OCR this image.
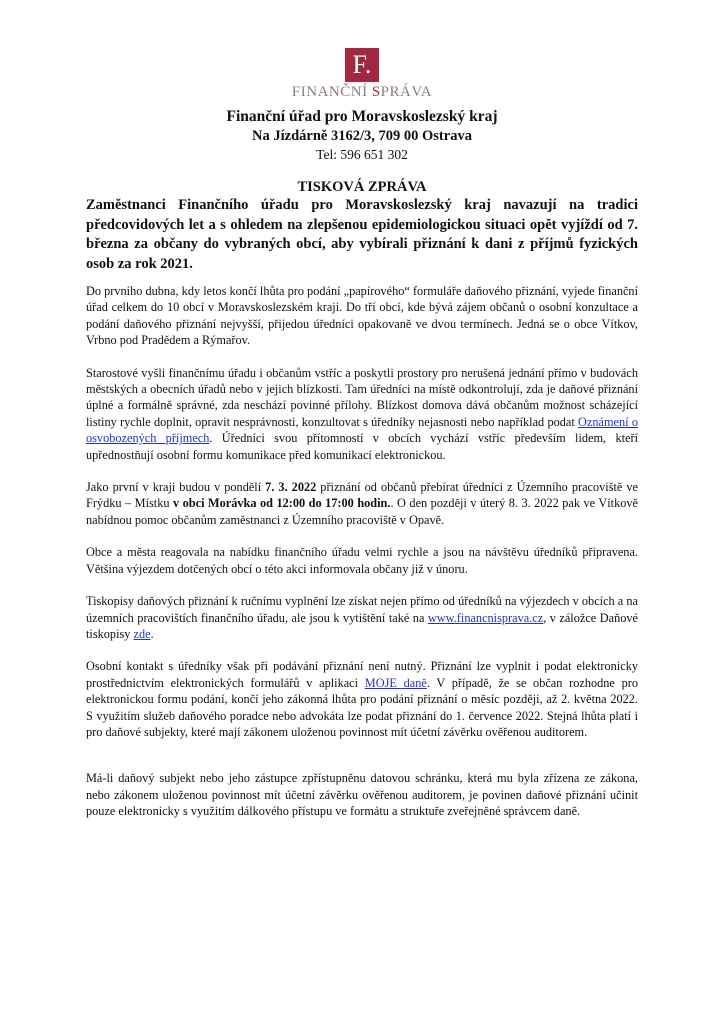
F.
FINANČNÍ SPRÁVA
Finanční úřad pro Moravskoslezský kraj
Na Jízdárně 3162/3, 709 00 Ostrava
Tel: 596 651 302
TISKOVÁ ZPRÁVA

Zaměstnanci Finančního úřadu pro Moravskoslezský kraj navazují na tradici předcovidových let a s ohledem na zlepšenou epidemiologickou situaci opět vyjíždí od 7. března za občany do vybraných obcí, aby vybírali přiznání k dani z příjmů fyzických osob za rok 2021.

Do prvního dubna, kdy letos končí lhůta pro podání „papírového“ formuláře daňového přiznání, vyjede finanční úřad celkem do 10 obcí v Moravskoslezském kraji. Do tří obcí, kde bývá zájem občanů o osobní konzultace a podání daňového přiznání nejvyšší, přijedou úředníci opakovaně ve dvou termínech. Jedná se o obce Vítkov, Vrbno pod Pradědem a Rýmařov.

Starostové vyšli finančnímu úřadu i občanům vstříc a poskytli prostory pro nerušená jednání přímo v budovách městských a obecních úřadů nebo v jejich blízkosti. Tam úředníci na místě odkontrolují, zda je daňové přiznání úplné a formálně správné, zda neschází povinné přílohy. Blízkost domova dává občanům možnost scházející listiny rychle doplnit, opravit nesprávnosti, konzultovat s úředníky nejasnosti nebo například podat Oznámení o osvobozených příjmech. Úředníci svou přítomností v obcích vychází vstříc především lidem, kteří upřednostňují osobní formu komunikace před komunikací elektronickou.

Jako první v kraji budou v pondělí 7. 3. 2022 přiznání od občanů přebírat úředníci z Územního pracoviště ve Frýdku – Místku v obci Morávka od 12:00 do 17:00 hodin.. O den později v úterý 8. 3. 2022 pak ve Vítkově nabídnou pomoc občanům zaměstnanci z Územního pracoviště v Opavě.

Obce a města reagovala na nabídku finančního úřadu velmi rychle a jsou na návštěvu úředníků připravena. Většina výjezdem dotčených obcí o této akci informovala občany již v únoru.

Tiskopisy daňových přiznání k ručnímu vyplnění lze získat nejen přímo od úředníků na výjezdech v obcích a na územních pracovištích finančního úřadu, ale jsou k vytištění také na www.financnisprava.cz, v záložce Daňové tiskopisy zde.

Osobní kontakt s úředníky však při podávání přiznání není nutný. Přiznání lze vyplnit i podat elektronicky prostřednictvím elektronických formulářů v aplikaci MOJE daně. V případě, že se občan rozhodne pro elektronickou formu podání, končí jeho zákonná lhůta pro podání přiznání o měsíc později, až 2. května 2022. S využitím služeb daňového poradce nebo advokáta lze podat přiznání do 1. července 2022. Stejná lhůta platí i pro daňové subjekty, které mají zákonem uloženou povinnost mít účetní závěrku ověřenou auditorem.

Má-li daňový subjekt nebo jeho zástupce zpřístupněnu datovou schránku, která mu byla zřízena ze zákona, nebo zákonem uloženou povinnost mít účetní závěrku ověřenou auditorem, je povinen daňové přiznání učinit pouze elektronicky s využitím dálkového přístupu ve formátu a struktuře zveřejněné správcem daně.
